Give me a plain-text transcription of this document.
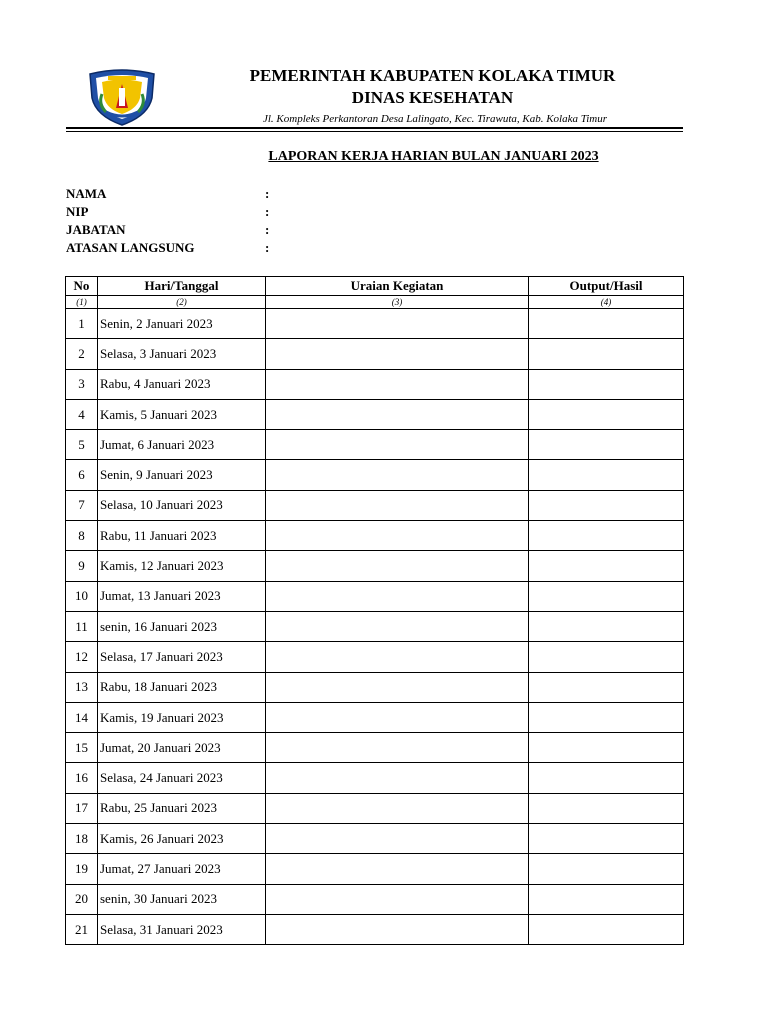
PEMERINTAH KABUPATEN KOLAKA TIMUR
DINAS KESEHATAN
Jl. Kompleks Perkantoran Desa Lalingato, Kec. Tirawuta, Kab. Kolaka Timur
LAPORAN KERJA HARIAN BULAN JANUARI 2023
NAMA	:
NIP	:
JABATAN	:
ATASAN LANGSUNG	:
No	Hari/Tanggal	Uraian Kegiatan	Output/Hasil
(1)	(2)	(3)	(4)
1	Senin, 2 Januari 2023		
2	Selasa, 3 Januari 2023		
3	Rabu, 4 Januari 2023		
4	Kamis, 5 Januari 2023		
5	Jumat, 6 Januari 2023		
6	Senin, 9 Januari 2023		
7	Selasa, 10 Januari 2023		
8	Rabu, 11 Januari 2023		
9	Kamis, 12 Januari 2023		
10	Jumat, 13 Januari 2023		
11	senin, 16 Januari 2023		
12	Selasa, 17 Januari 2023		
13	Rabu, 18 Januari 2023		
14	Kamis, 19 Januari 2023		
15	Jumat, 20 Januari 2023		
16	Selasa, 24 Januari 2023		
17	Rabu, 25 Januari 2023		
18	Kamis, 26 Januari 2023		
19	Jumat, 27 Januari 2023		
20	senin, 30 Januari 2023		
21	Selasa, 31 Januari 2023		
